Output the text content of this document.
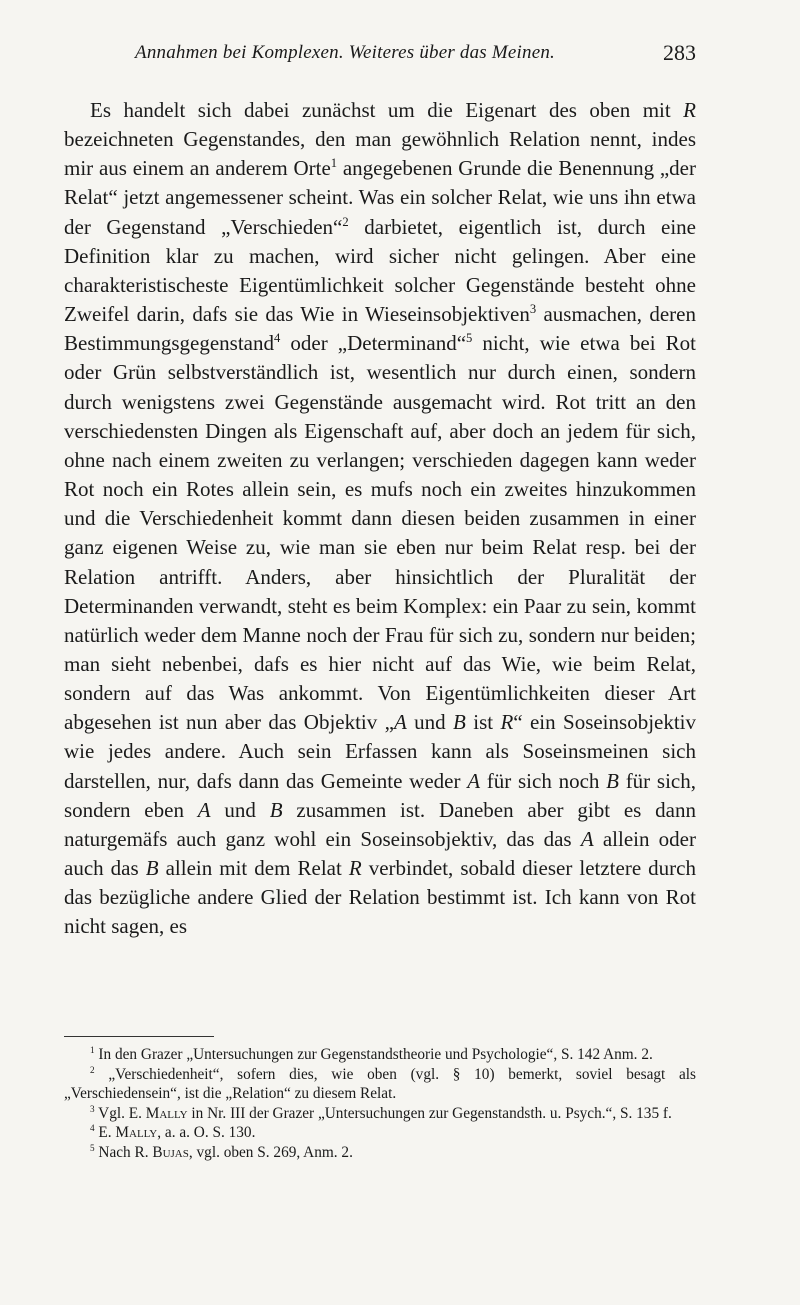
Annahmen bei Komplexen. Weiteres über das Meinen.	283

Es handelt sich dabei zunächst um die Eigenart des oben mit R bezeichneten Gegenstandes, den man gewöhnlich Relation nennt, indes mir aus einem an anderem Orte$^1$ angegebenen Grunde die Benennung „der Relat“ jetzt angemessener scheint. Was ein solcher Relat, wie uns ihn etwa der Gegenstand „Verschieden“$^2$ darbietet, eigentlich ist, durch eine Definition klar zu machen, wird sicher nicht gelingen. Aber eine charakteristischeste Eigentümlichkeit solcher Gegenstände besteht ohne Zweifel darin, dafs sie das Wie in Wieseinsobjektiven$^3$ ausmachen, deren Bestimmungsgegenstand$^4$ oder „Determinand“$^5$ nicht, wie etwa bei Rot oder Grün selbstverständlich ist, wesentlich nur durch einen, sondern durch wenigstens zwei Gegenstände ausgemacht wird. Rot tritt an den verschiedensten Dingen als Eigenschaft auf, aber doch an jedem für sich, ohne nach einem zweiten zu verlangen; verschieden dagegen kann weder Rot noch ein Rotes allein sein, es mufs noch ein zweites hinzukommen und die Verschiedenheit kommt dann diesen beiden zusammen in einer ganz eigenen Weise zu, wie man sie eben nur beim Relat resp. bei der Relation antrifft. Anders, aber hinsichtlich der Pluralität der Determinanden verwandt, steht es beim Komplex: ein Paar zu sein, kommt natürlich weder dem Manne noch der Frau für sich zu, sondern nur beiden; man sieht nebenbei, dafs es hier nicht auf das Wie, wie beim Relat, sondern auf das Was ankommt. Von Eigentümlichkeiten dieser Art abgesehen ist nun aber das Objektiv „A und B ist R“ ein Soseinsobjektiv wie jedes andere. Auch sein Erfassen kann als Soseinsmeinen sich darstellen, nur, dafs dann das Gemeinte weder A für sich noch B für sich, sondern eben A und B zusammen ist. Daneben aber gibt es dann naturgemäfs auch ganz wohl ein Soseinsobjektiv, das das A allein oder auch das B allein mit dem Relat R verbindet, sobald dieser letztere durch das bezügliche andere Glied der Relation bestimmt ist. Ich kann von Rot nicht sagen, es

$^1$ In den Grazer „Untersuchungen zur Gegenstandstheorie und Psychologie“, S. 142 Anm. 2.

$^2$ „Verschiedenheit“, sofern dies, wie oben (vgl. § 10) bemerkt, soviel besagt als „Verschiedensein“, ist die „Relation“ zu diesem Relat.

$^3$ Vgl. E. Mally in Nr. III der Grazer „Untersuchungen zur Gegenstandsth. u. Psych.“, S. 135 f.

$^4$ E. Mally, a. a. O. S. 130.

$^5$ Nach R. Bujas, vgl. oben S. 269, Anm. 2.
